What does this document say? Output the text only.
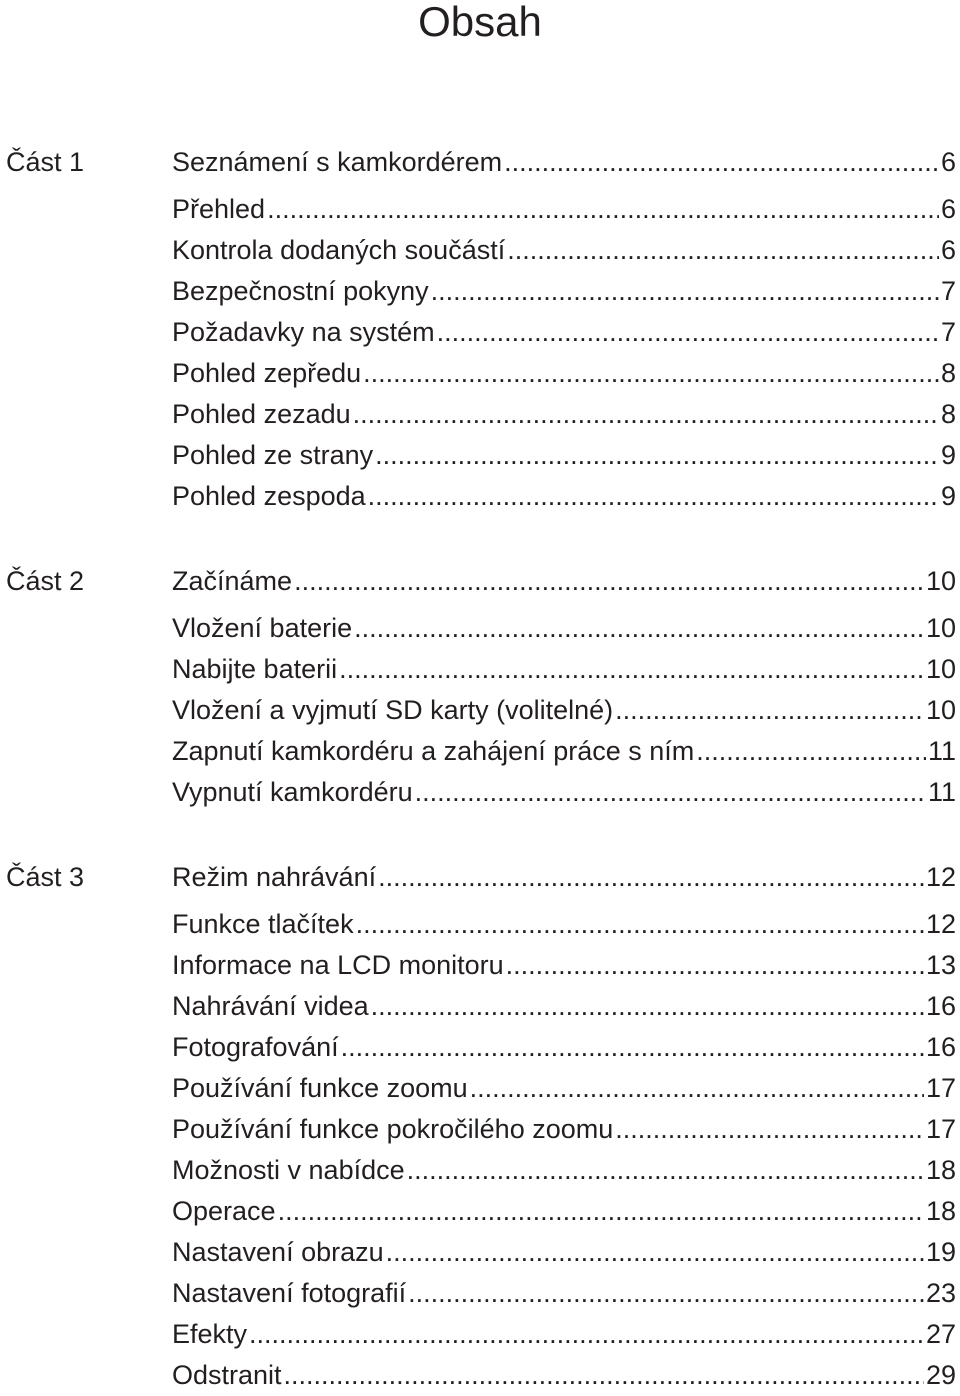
Obsah
Část 1	Seznámení s kamkordérem .....	6
Přehled .....	6
Kontrola dodaných součástí .....	6
Bezpečnostní pokyny .....	7
Požadavky na systém .....	7
Pohled zepředu .....	8
Pohled zezadu .....	8
Pohled ze strany .....	9
Pohled zespoda .....	9
Část 2	Začínáme .....	10
Vložení baterie .....	10
Nabijte baterii .....	10
Vložení a vyjmutí SD karty (volitelné) .....	10
Zapnutí kamkordéru a zahájení práce s ním .....	11
Vypnutí kamkordéru .....	11
Část 3	Režim nahrávání .....	12
Funkce tlačítek .....	12
Informace na LCD monitoru .....	13
Nahrávání videa .....	16
Fotografování .....	16
Používání funkce zoomu .....	17
Používání funkce pokročilého zoomu .....	17
Možnosti v nabídce .....	18
Operace .....	18
Nastavení obrazu .....	19
Nastavení fotografií .....	23
Efekty .....	27
Odstranit .....	29
